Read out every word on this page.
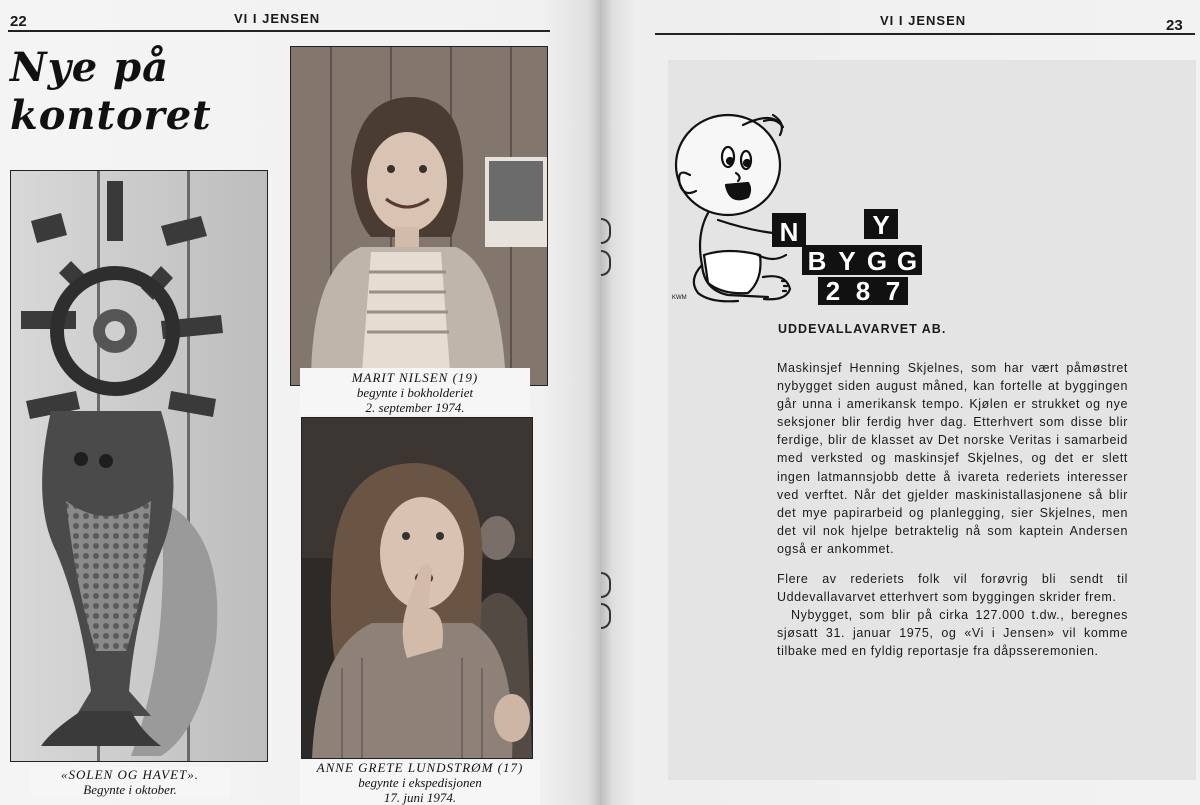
22	VI I JENSEN

Nye på
kontoret
«SOLEN OG HAVET».
Begynte i oktober.
MARIT NILSEN (19)
begynte i bokholderiet
2. september 1974.
ANNE GRETE LUNDSTRØM (17)
begynte i ekspedisjonen
17. juni 1974.
VI I JENSEN	23
KWM
N	Y
B Y G G
2 8 7
UDDEVALLAVARVET AB.

Maskinsjef Henning Skjelnes, som har vært påmøstret nybygget siden august måned, kan fortelle at byggingen går unna i amerikansk tempo. Kjølen er strukket og nye seksjoner blir ferdig hver dag. Etterhvert som disse blir ferdige, blir de klasset av Det norske Veritas i samarbeid med verksted og maskinsjef Skjelnes, og det er slett ingen latmannsjobb dette å ivareta rederiets interesser ved verftet. Når det gjelder maskinistallasjonene så blir det mye papirarbeid og planlegging, sier Skjelnes, men det vil nok hjelpe betraktelig nå som kaptein Andersen også er ankommet.

Flere av rederiets folk vil forøvrig bli sendt til Uddevallavarvet etterhvert som byggingen skrider frem.

Nybygget, som blir på cirka 127.000 t.dw., beregnes sjøsatt 31. januar 1975, og «Vi i Jensen» vil komme tilbake med en fyldig reportasje fra dåpsseremonien.
